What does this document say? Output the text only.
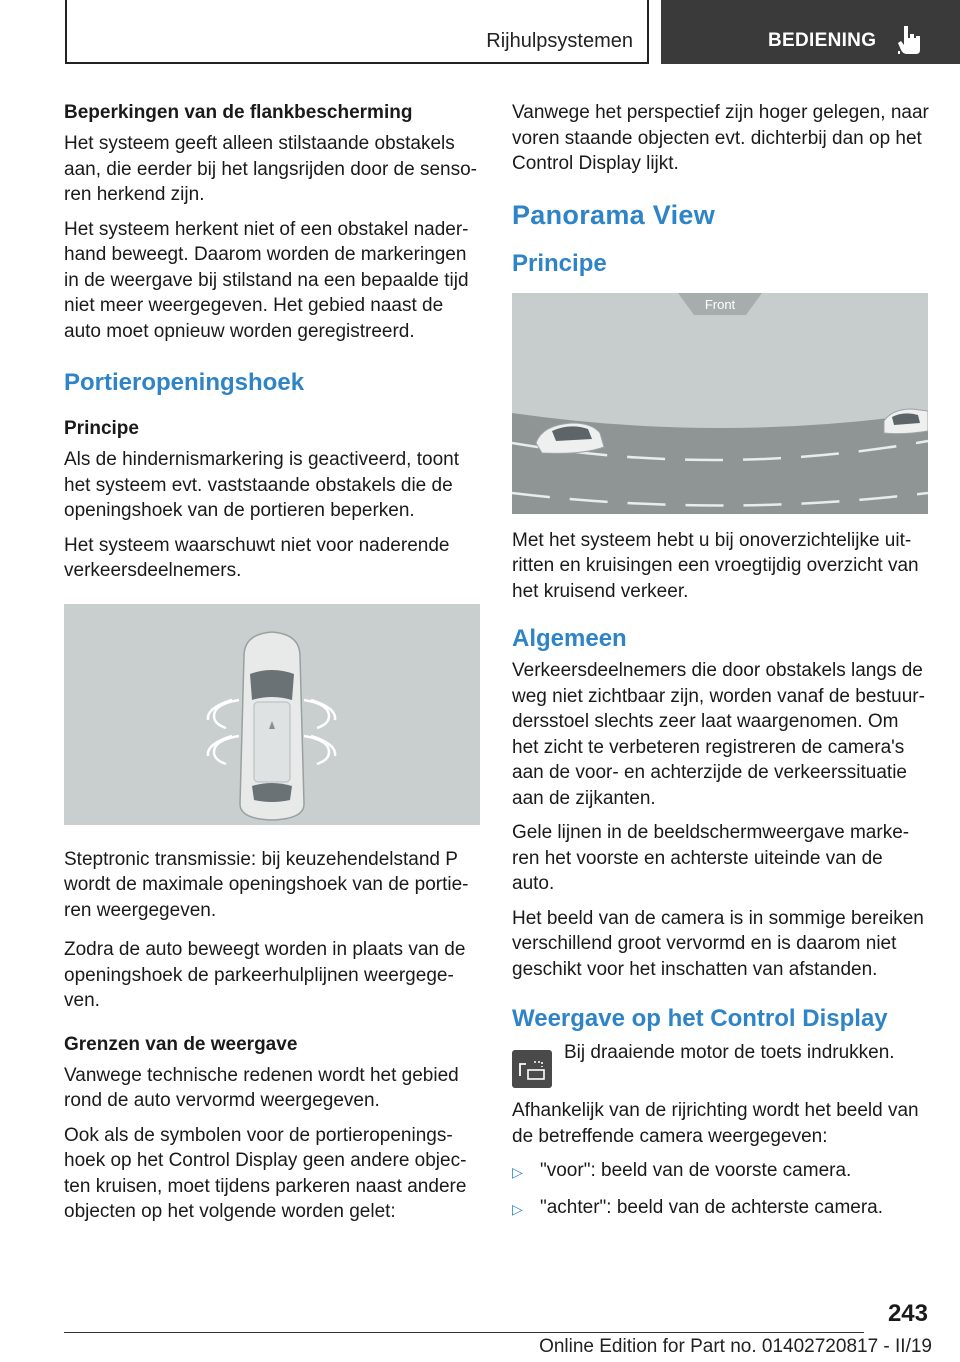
Rijhulpsystemen	BEDIENING
Beperkingen van de flankbescherming

Het systeem geeft alleen stilstaande obstakels aan, die eerder bij het langsrijden door de senso-ren herkend zijn.

Het systeem herkent niet of een obstakel nader-hand beweegt. Daarom worden de markeringen in de weergave bij stilstand na een bepaalde tijd niet meer weergegeven. Het gebied naast de auto moet opnieuw worden geregistreerd.

Portieropeningshoek
Principe

Als de hindernismarkering is geactiveerd, toont het systeem evt. vaststaande obstakels die de openingshoek van de portieren beperken.

Het systeem waarschuwt niet voor naderende verkeersdeelnemers.

Steptronic transmissie: bij keuzehendelstand P wordt de maximale openingshoek van de portie-ren weergegeven.

Zodra de auto beweegt worden in plaats van de openingshoek de parkeerhulplijnen weergege-ven.

Grenzen van de weergave

Vanwege technische redenen wordt het gebied rond de auto vervormd weergegeven.

Ook als de symbolen voor de portieropenings-hoek op het Control Display geen andere objec-ten kruisen, moet tijdens parkeren naast andere objecten op het volgende worden gelet:

Vanwege het perspectief zijn hoger gelegen, naar voren staande objecten evt. dichterbij dan op het Control Display lijkt.

Panorama View
Principe
Front

Met het systeem hebt u bij onoverzichtelijke uit-ritten en kruisingen een vroegtijdig overzicht van het kruisend verkeer.

Algemeen

Verkeersdeelnemers die door obstakels langs de weg niet zichtbaar zijn, worden vanaf de bestuur-dersstoel slechts zeer laat waargenomen. Om het zicht te verbeteren registreren de camera's aan de voor- en achterzijde de verkeerssituatie aan de zijkanten.

Gele lijnen in de beeldschermweergave marke-ren het voorste en achterste uiteinde van de auto.

Het beeld van de camera is in sommige bereiken verschillend groot vervormd en is daarom niet geschikt voor het inschatten van afstanden.

Weergave op het Control Display

Bij draaiende motor de toets indrukken.

Afhankelijk van de rijrichting wordt het beeld van de betreffende camera weergegeven:

▷ "voor": beeld van de voorste camera.
▷ "achter": beeld van de achterste camera.
243
Online Edition for Part no. 01402720817 - II/19
